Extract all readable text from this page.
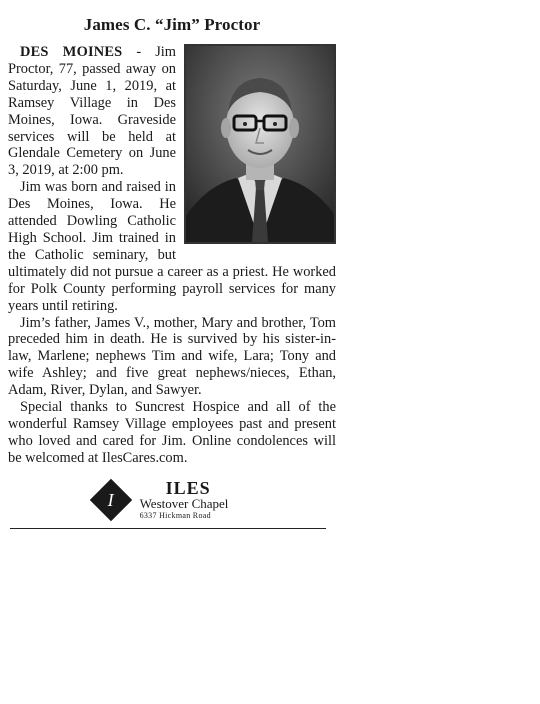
James C. “Jim” Proctor

DES MOINES - Jim Proctor, 77, passed away on Saturday, June 1, 2019, at Ramsey Village in Des Moines, Iowa. Graveside services will be held at Glendale Cemetery on June 3, 2019, at 2:00 pm.

Jim was born and raised in Des Moines, Iowa. He attended Dowling Catholic High School. Jim trained in the Catholic seminary, but ultimately did not pursue a career as a priest. He worked for Polk County performing payroll services for many years until retiring.

Jim’s father, James V., mother, Mary and brother, Tom preceded him in death. He is survived by his sister-in-law, Marlene; nephews Tim and wife, Lara; Tony and wife Ashley; and five great nephews/nieces, Ethan, Adam, River, Dylan, and Sawyer.

Special thanks to Suncrest Hospice and all of the wonderful Ramsey Village employees past and present who loved and cared for Jim. Online condolences will be welcomed at IlesCares.com.

I
ILES
Westover Chapel
6337 Hickman Road
